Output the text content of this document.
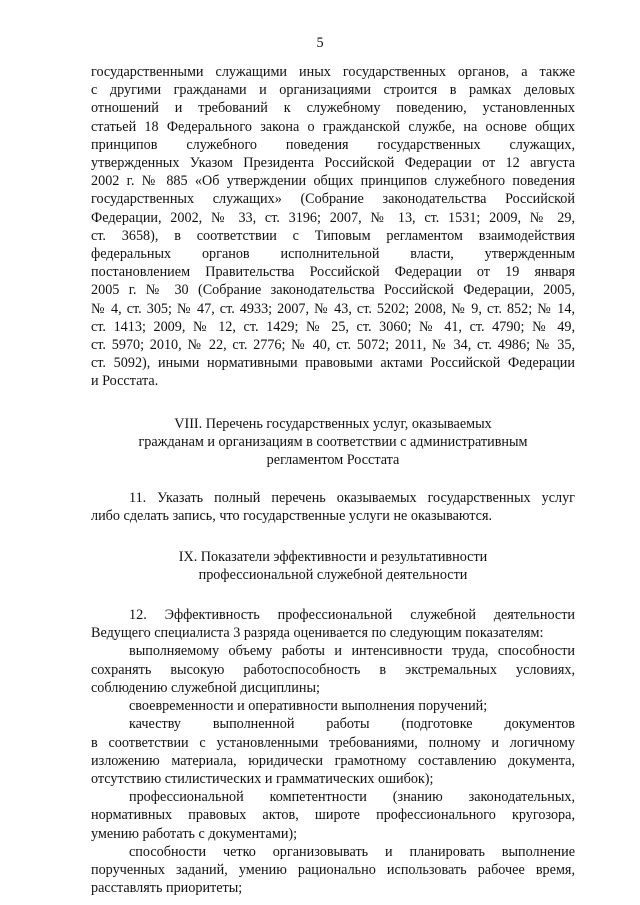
5

государственными служащими иных государственных органов, а также

с другими гражданами и организациями строится в рамках деловых

отношений и требований к служебному поведению, установленных

статьей 18 Федерального закона о гражданской службе, на основе общих

принципов служебного поведения государственных служащих,

утвержденных Указом Президента Российской Федерации от 12 августа

2002 г. № 885 «Об утверждении общих принципов служебного поведения

государственных служащих» (Собрание законодательства Российской

Федерации, 2002, № 33, ст. 3196; 2007, № 13, ст. 1531; 2009, № 29,

ст. 3658), в соответствии с Типовым регламентом взаимодействия

федеральных органов исполнительной власти, утвержденным

постановлением Правительства Российской Федерации от 19 января

2005 г. № 30 (Собрание законодательства Российской Федерации, 2005,

№ 4, ст. 305; № 47, ст. 4933; 2007, № 43, ст. 5202; 2008, № 9, ст. 852; № 14,

ст. 1413; 2009, № 12, ст. 1429; № 25, ст. 3060; № 41, ст. 4790; № 49,

ст. 5970; 2010, № 22, ст. 2776; № 40, ст. 5072; 2011, № 34, ст. 4986; № 35,

ст. 5092), иными нормативными правовыми актами Российской Федерации

и Росстата.

VIII. Перечень государственных услуг, оказываемых

гражданам и организациям в соответствии с административным

регламентом Росстата

11. Указать полный перечень оказываемых государственных услуг

либо сделать запись, что государственные услуги не оказываются.

IX. Показатели эффективности и результативности

профессиональной служебной деятельности

12. Эффективность профессиональной служебной деятельности

Ведущего специалиста 3 разряда оценивается по следующим показателям:

выполняемому объему работы и интенсивности труда, способности

сохранять высокую работоспособность в экстремальных условиях,

соблюдению служебной дисциплины;

своевременности и оперативности выполнения поручений;

качеству выполненной работы (подготовке документов

в соответствии с установленными требованиями, полному и логичному

изложению материала, юридически грамотному составлению документа,

отсутствию стилистических и грамматических ошибок);

профессиональной компетентности (знанию законодательных,

нормативных правовых актов, широте профессионального кругозора,

умению работать с документами);

способности четко организовывать и планировать выполнение

порученных заданий, умению рационально использовать рабочее время,

расставлять приоритеты;
